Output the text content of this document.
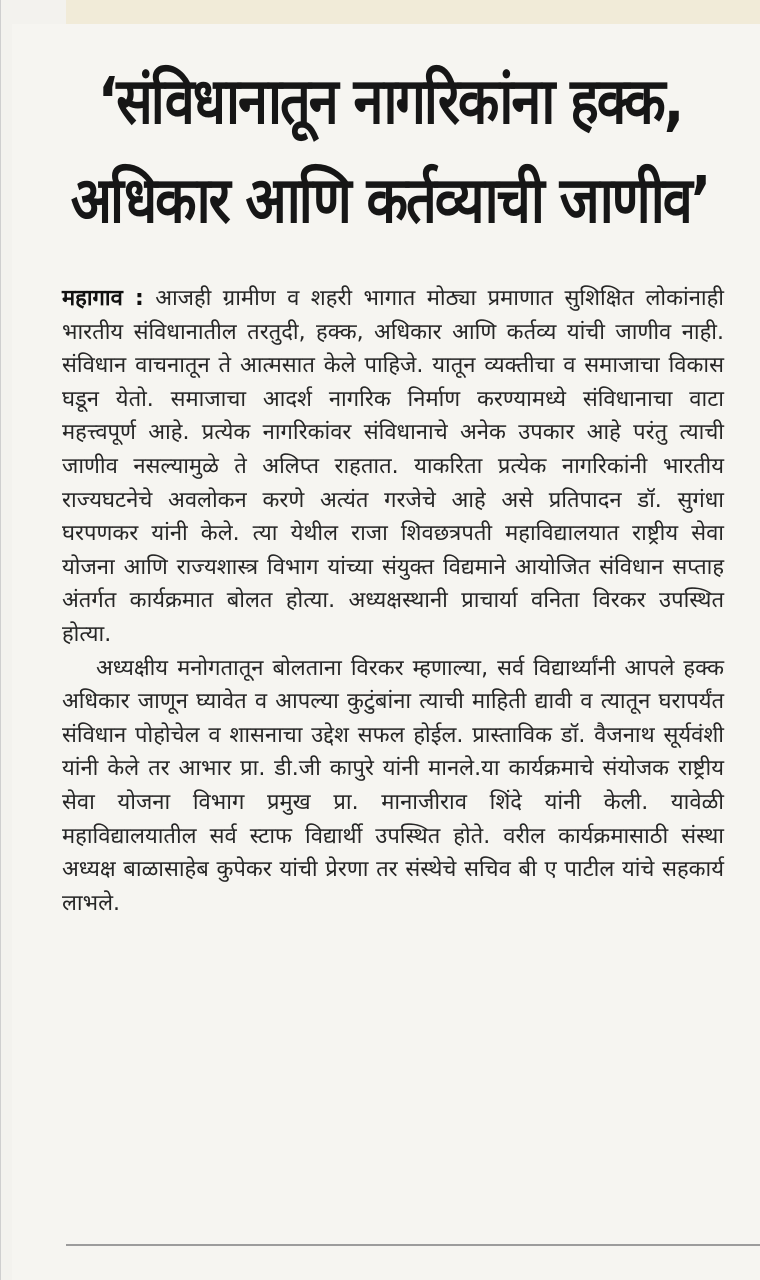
‘संविधानातून नागरिकांना हक्क,
अधिकार आणि कर्तव्याची जाणीव’

महागाव : आजही ग्रामीण व शहरी भागात मोठ्या प्रमाणात सुशिक्षित लोकांनाही भारतीय संविधानातील तरतुदी, हक्क, अधिकार आणि कर्तव्य यांची जाणीव नाही. संविधान वाचनातून ते आत्मसात केले पाहिजे. यातून व्यक्तीचा व समाजाचा विकास घडून येतो. समाजाचा आदर्श नागरिक निर्माण करण्यामध्ये संविधानाचा वाटा महत्त्वपूर्ण आहे. प्रत्येक नागरिकांवर संविधानाचे अनेक उपकार आहे परंतु त्याची जाणीव नसल्यामुळे ते अलिप्त राहतात. याकरिता प्रत्येक नागरिकांनी भारतीय राज्यघटनेचे अवलोकन करणे अत्यंत गरजेचे आहे असे प्रतिपादन डॉ. सुगंधा घरपणकर यांनी केले. त्या येथील राजा शिवछत्रपती महाविद्यालयात राष्ट्रीय सेवा योजना आणि राज्यशास्त्र विभाग यांच्या संयुक्त विद्यमाने आयोजित संविधान सप्ताह अंतर्गत कार्यक्रमात बोलत होत्या. अध्यक्षस्थानी प्राचार्या वनिता विरकर उपस्थित होत्या.

अध्यक्षीय मनोगतातून बोलताना विरकर म्हणाल्या, सर्व विद्यार्थ्यांनी आपले हक्क अधिकार जाणून घ्यावेत व आपल्या कुटुंबांना त्याची माहिती द्यावी व त्यातून घरापर्यंत संविधान पोहोचेल व शासनाचा उद्देश सफल होईल. प्रास्ताविक डॉ. वैजनाथ सूर्यवंशी यांनी केले तर आभार प्रा. डी.जी कापुरे यांनी मानले.या कार्यक्रमाचे संयोजक राष्ट्रीय सेवा योजना विभाग प्रमुख प्रा. मानाजीराव शिंदे यांनी केली. यावेळी महाविद्यालयातील सर्व स्टाफ विद्यार्थी उपस्थित होते. वरील कार्यक्रमासाठी संस्था अध्यक्ष बाळासाहेब कुपेकर यांची प्रेरणा तर संस्थेचे सचिव बी ए पाटील यांचे सहकार्य लाभले.
